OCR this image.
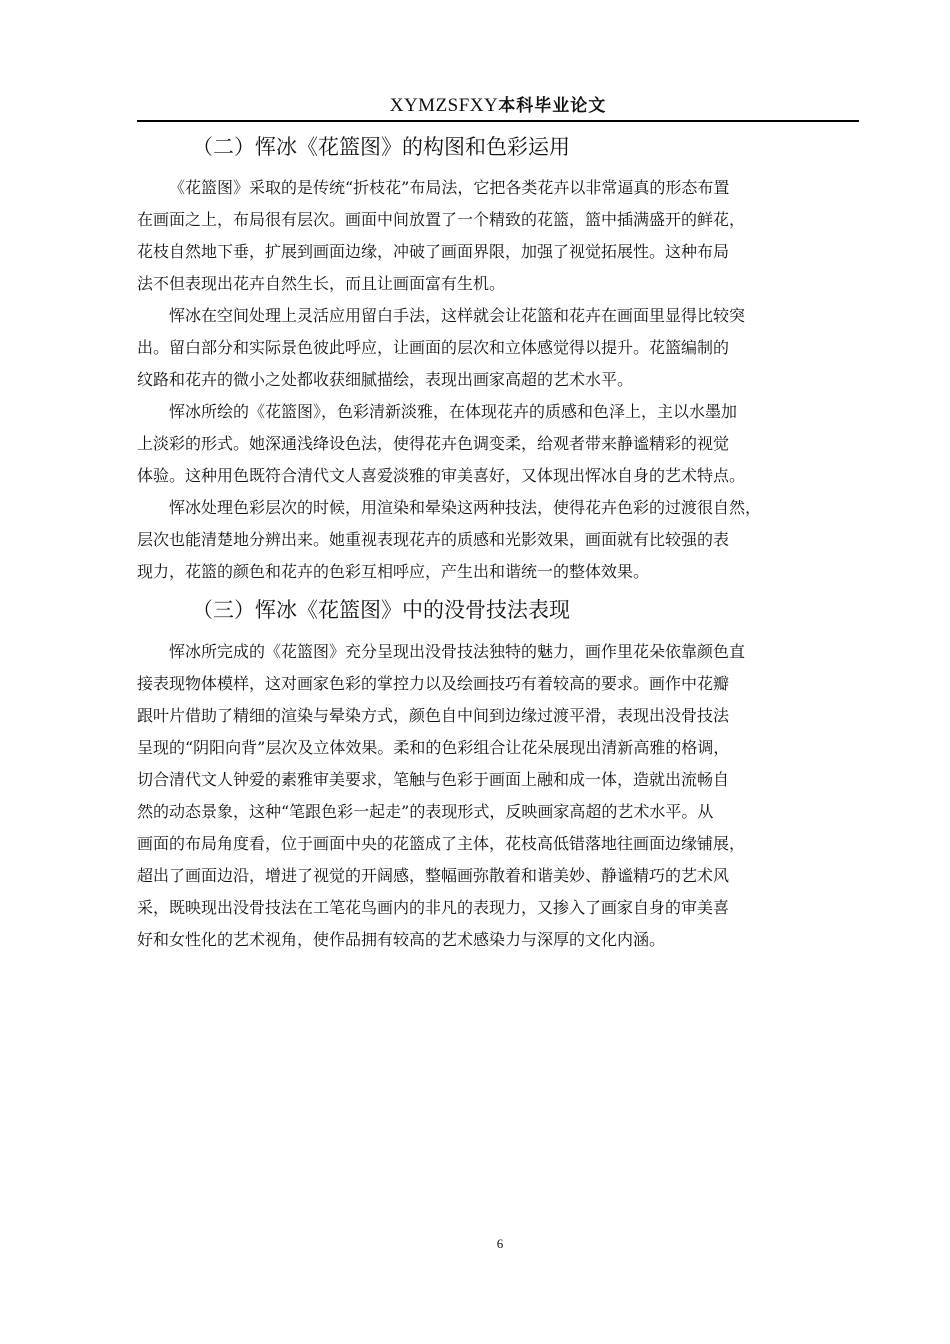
XYMZSFXY本科毕业论文
（二）恽冰《花篮图》的构图和色彩运用
《花篮图》采取的是传统“折枝花”布局法，它把各类花卉以非常逼真的形态布置
在画面之上，布局很有层次。画面中间放置了一个精致的花篮，篮中插满盛开的鲜花，
花枝自然地下垂，扩展到画面边缘，冲破了画面界限，加强了视觉拓展性。这种布局
法不但表现出花卉自然生长，而且让画面富有生机。
恽冰在空间处理上灵活应用留白手法，这样就会让花篮和花卉在画面里显得比较突
出。留白部分和实际景色彼此呼应，让画面的层次和立体感觉得以提升。花篮编制的
纹路和花卉的微小之处都收获细腻描绘，表现出画家高超的艺术水平。
恽冰所绘的《花篮图》，色彩清新淡雅，在体现花卉的质感和色泽上，主以水墨加
上淡彩的形式。她深通浅绛设色法，使得花卉色调变柔，给观者带来静谧精彩的视觉
体验。这种用色既符合清代文人喜爱淡雅的审美喜好，又体现出恽冰自身的艺术特点。
恽冰处理色彩层次的时候，用渲染和晕染这两种技法，使得花卉色彩的过渡很自然，
层次也能清楚地分辨出来。她重视表现花卉的质感和光影效果，画面就有比较强的表
现力，花篮的颜色和花卉的色彩互相呼应，产生出和谐统一的整体效果。
（三）恽冰《花篮图》中的没骨技法表现
恽冰所完成的《花篮图》充分呈现出没骨技法独特的魅力，画作里花朵依靠颜色直
接表现物体模样，这对画家色彩的掌控力以及绘画技巧有着较高的要求。画作中花瓣
跟叶片借助了精细的渲染与晕染方式，颜色自中间到边缘过渡平滑，表现出没骨技法
呈现的“阴阳向背”层次及立体效果。柔和的色彩组合让花朵展现出清新高雅的格调，
切合清代文人钟爱的素雅审美要求，笔触与色彩于画面上融和成一体，造就出流畅自
然的动态景象，这种“笔跟色彩一起走”的表现形式，反映画家高超的艺术水平。从
画面的布局角度看，位于画面中央的花篮成了主体，花枝高低错落地往画面边缘铺展，
超出了画面边沿，增进了视觉的开阔感，整幅画弥散着和谐美妙、静谧精巧的艺术风
采，既映现出没骨技法在工笔花鸟画内的非凡的表现力，又掺入了画家自身的审美喜
好和女性化的艺术视角，使作品拥有较高的艺术感染力与深厚的文化内涵。
6
